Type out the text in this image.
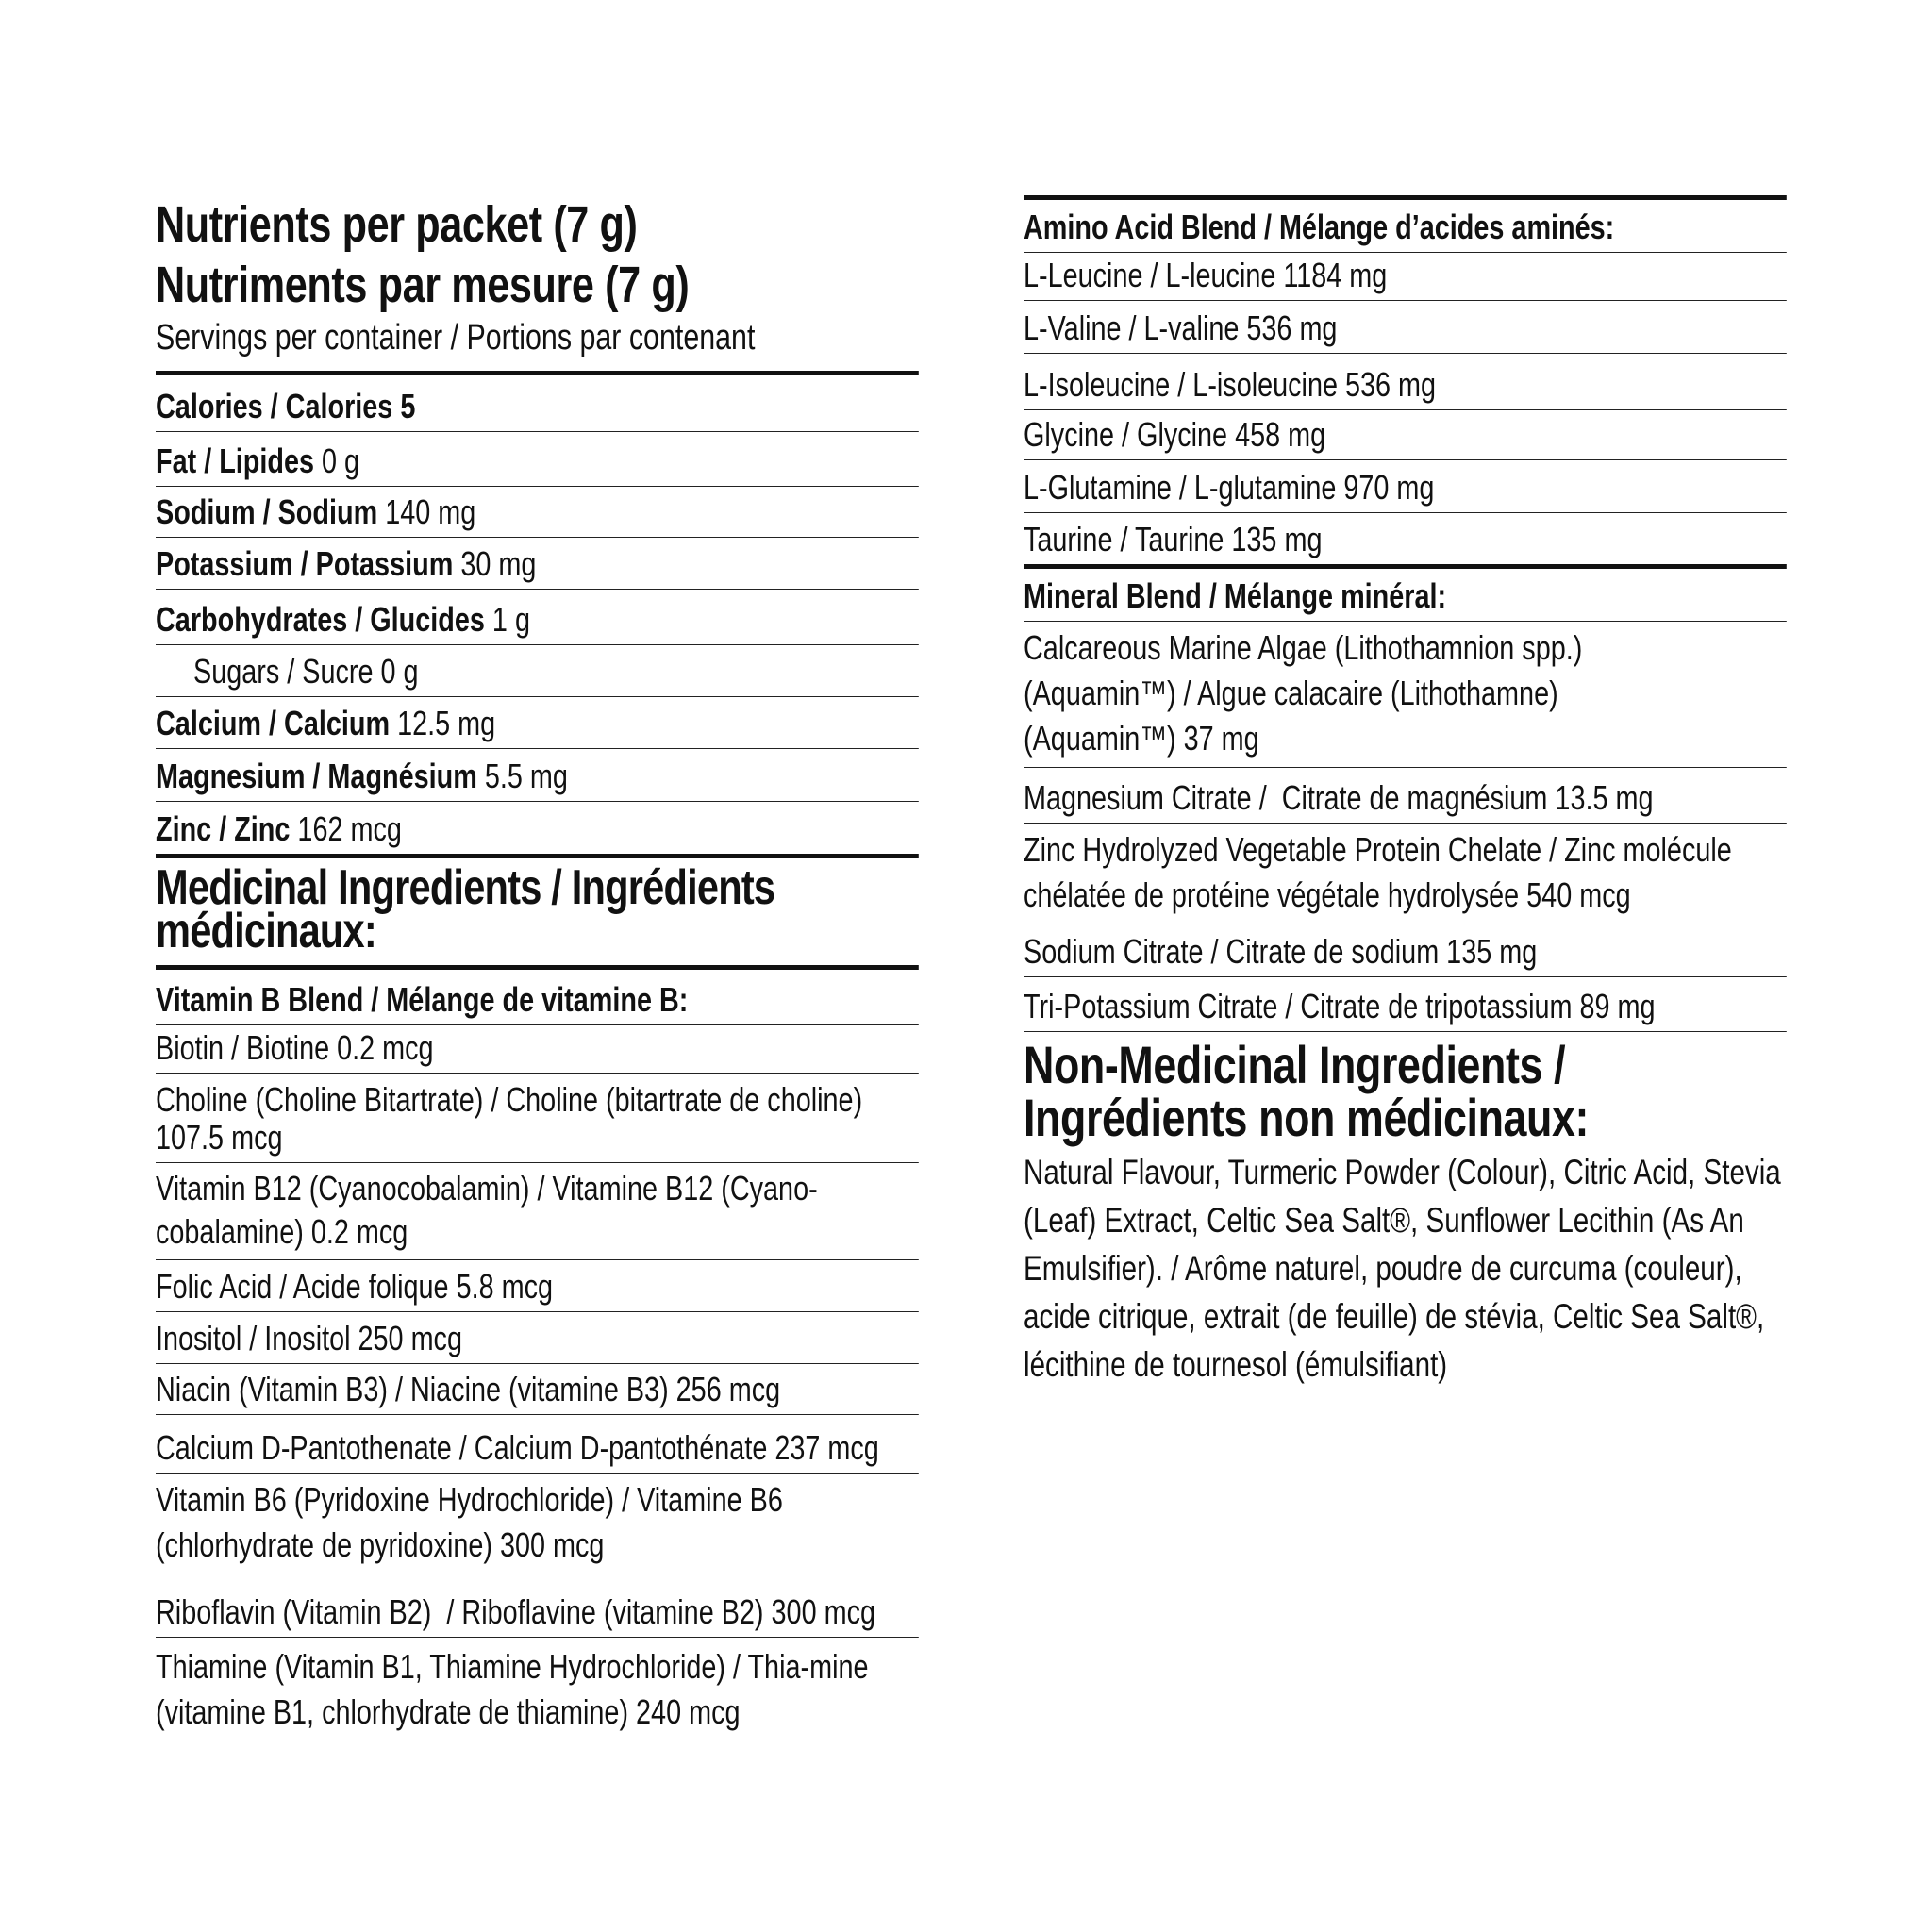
Nutrients per packet (7 g)
Nutriments par mesure (7 g)
Servings per container / Portions par contenant
Calories / Calories 5
Fat / Lipides
0 g
Sodium / Sodium
140 mg
Potassium / Potassium
30 mg
Carbohydrates / Glucides
1 g
Sugars / Sucre 0 g
Calcium / Calcium
12.5 mg
Magnesium / Magnésium
5.5 mg
Zinc / Zinc
162 mcg
Medicinal Ingredients / Ingrédients
médicinaux:
Vitamin B Blend / Mélange de vitamine B:
Biotin / Biotine 0.2 mcg
Choline (Choline Bitartrate) / Choline (bitartrate de choline) 107.5 mcg
Vitamin B12 (Cyanocobalamin) / Vitamine B12 (Cyano-cobalamine) 0.2 mcg
Folic Acid / Acide folique 5.8 mcg
Inositol / Inositol 250 mcg
Niacin (Vitamin B3) / Niacine (vitamine B3) 256 mcg
Calcium D-Pantothenate / Calcium D-pantothénate 237 mcg
Vitamin B6 (Pyridoxine Hydrochloride) / Vitamine B6 (chlorhydrate de pyridoxine) 300 mcg
Riboflavin (Vitamin B2)  / Riboflavine (vitamine B2) 300 mcg
Thiamine (Vitamin B1, Thiamine Hydrochloride) / Thia-mine (vitamine B1, chlorhydrate de thiamine) 240 mcg
Amino Acid Blend / Mélange d’acides aminés:
L-Leucine / L-leucine 1184 mg
L-Valine / L-valine 536 mg
L-Isoleucine / L-isoleucine 536 mg
Glycine / Glycine 458 mg
L-Glutamine / L-glutamine 970 mg
Taurine / Taurine 135 mg
Mineral Blend / Mélange minéral:
Calcareous Marine Algae (Lithothamnion spp.) (Aquamin™) / Algue calacaire (Lithothamne) (Aquamin™) 37 mg
Magnesium Citrate /  Citrate de magnésium 13.5 mg
Zinc Hydrolyzed Vegetable Protein Chelate / Zinc molécule chélatée de protéine végétale hydrolysée 540 mcg
Sodium Citrate / Citrate de sodium 135 mg
Tri-Potassium Citrate / Citrate de tripotassium 89 mg
Non-Medicinal Ingredients /
Ingrédients non médicinaux:
Natural Flavour, Turmeric Powder (Colour), Citric Acid, Stevia (Leaf) Extract, Celtic Sea Salt®, Sunflower Lecithin (As An Emulsifier). / Arôme naturel, poudre de curcuma (couleur), acide citrique, extrait (de feuille) de stévia, Celtic Sea Salt®, lécithine de tournesol (émulsifiant)
